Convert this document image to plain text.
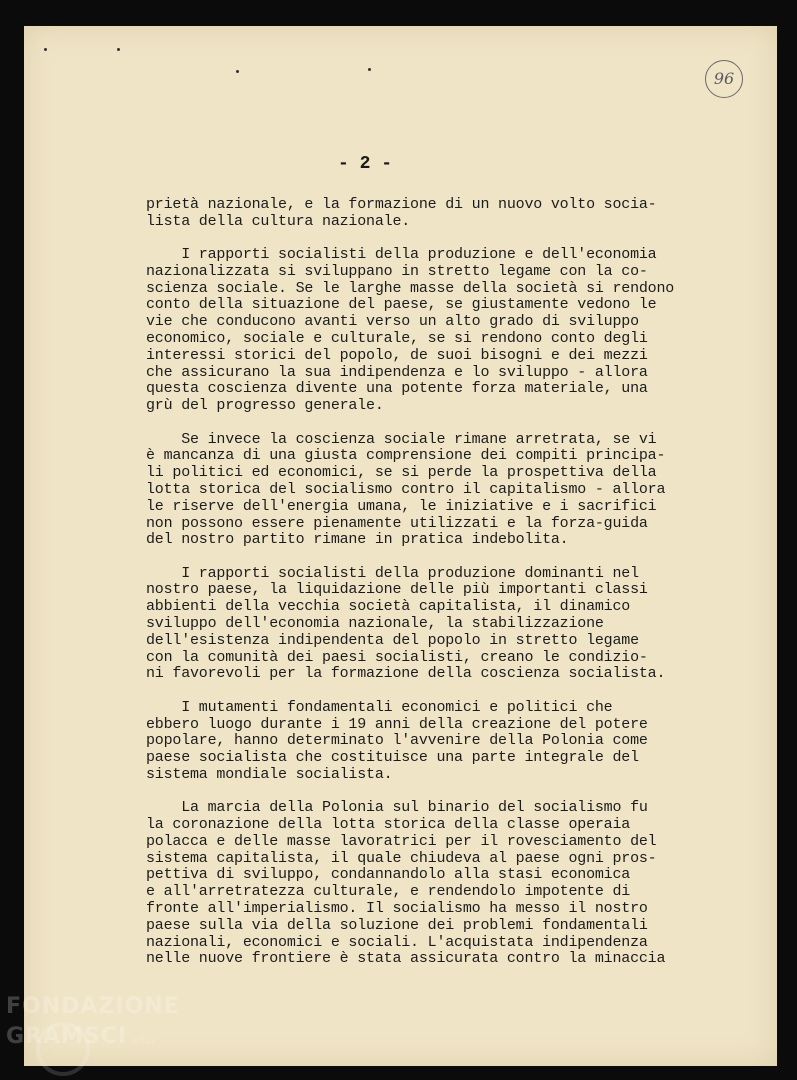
96
- 2 -
prietà nazionale, e la formazione di un nuovo volto socia-
lista della cultura nazionale.
I rapporti socialisti della produzione e dell'economia
nazionalizzata si sviluppano in stretto legame con la co-
scienza sociale. Se le larghe masse della società si rendono
conto della situazione del paese, se giustamente vedono le
vie che conducono avanti verso un alto grado di sviluppo
economico, sociale e culturale, se si rendono conto degli
interessi storici del popolo, de suoi bisogni e dei mezzi
che assicurano la sua indipendenza e lo sviluppo - allora
questa coscienza divente una potente forza materiale, una
grù del progresso generale.
Se invece la coscienza sociale rimane arretrata, se vi
è mancanza di una giusta comprensione dei compiti principa-
li politici ed economici, se si perde la prospettiva della
lotta storica del socialismo contro il capitalismo - allora
le riserve dell'energia umana, le iniziative e i sacrifici
non possono essere pienamente utilizzati e la forza-guida
del nostro partito rimane in pratica indebolita.
I rapporti socialisti della produzione dominanti nel
nostro paese, la liquidazione delle più importanti classi
abbienti della vecchia società capitalista, il dinamico
sviluppo dell'economia nazionale, la stabilizzazione
dell'esistenza indipendenta del popolo in stretto legame
con la comunità dei paesi socialisti, creano le condizio-
ni favorevoli per la formazione della coscienza socialista.
I mutamenti fondamentali economici e politici che
ebbero luogo durante i 19 anni della creazione del potere
popolare, hanno determinato l'avvenire della Polonia come
paese socialista che costituisce una parte integrale del
sistema mondiale socialista.
La marcia della Polonia sul binario del socialismo fu
la coronazione della lotta storica della classe operaia
polacca e delle masse lavoratrici per il rovesciamento del
sistema capitalista, il quale chiudeva al paese ogni pros-
pettiva di sviluppo, condannandolo alla stasi economica
e all'arretratezza culturale, e rendendolo impotente di
fronte all'imperialismo. Il socialismo ha messo il nostro
paese sulla via della soluzione dei problemi fondamentali
nazionali, economici e sociali. L'acquistata indipendenza
nelle nuove frontiere è stata assicurata contro la minaccia
FONDAZIONE
GRAMSCI onlus
